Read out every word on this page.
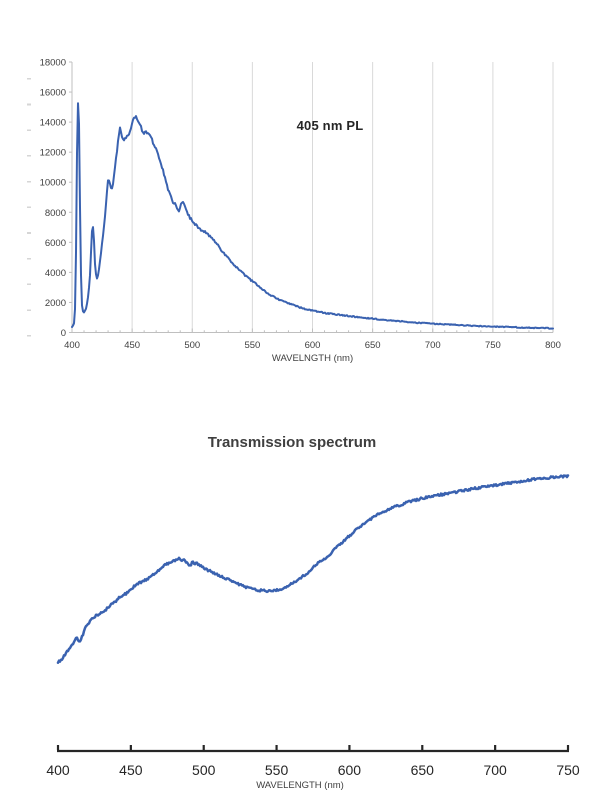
400	450	500	550	600	650	700	750	800
0
2000
4000
6000
8000
10000
12000
14000
16000
18000
405 nm PL
WAVELNGTH (nm)
Transmission spectrum
400	450	500	550	600	650	700	750
WAVELENGTH (nm)
